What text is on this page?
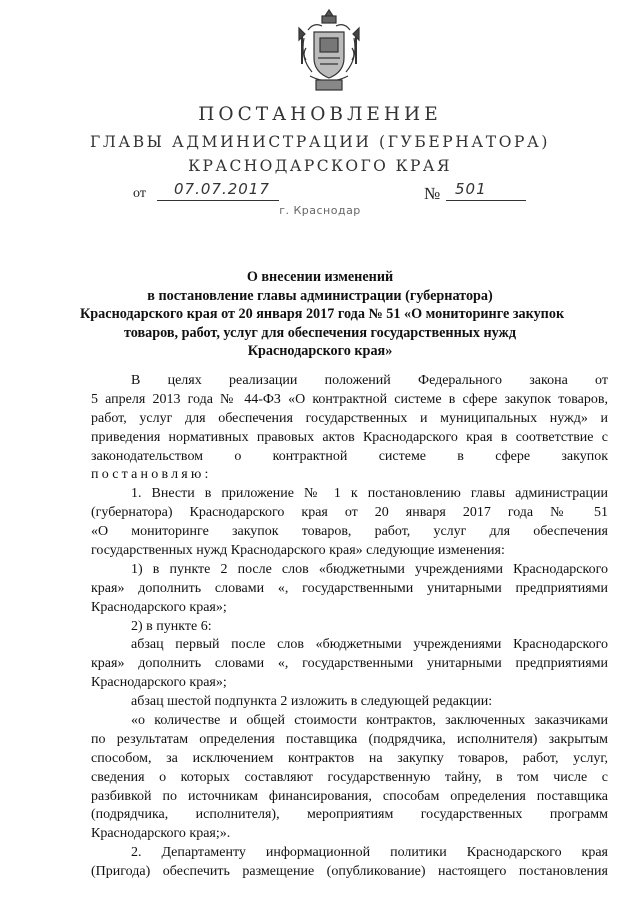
ПОСТАНОВЛЕНИЕ
ГЛАВЫ АДМИНИСТРАЦИИ (ГУБЕРНАТОРА)
КРАСНОДАРСКОГО КРАЯ
от 07.07.2017	№ 501
г. Краснодар
О внесении изменений
в постановление главы администрации (губернатора)
Краснодарского края от 20 января 2017 года № 51 «О мониторинге закупок
товаров, работ, услуг для обеспечения государственных нужд
Краснодарского края»
В целях реализации положений Федерального закона от
5 апреля 2013 года № 44-ФЗ «О контрактной системе в сфере закупок товаров,
работ, услуг для обеспечения государственных и муниципальных нужд» и
приведения нормативных правовых актов Краснодарского края в соответствие с
законодательством о контрактной системе в сфере закупок
постановляю:
1. Внести в приложение № 1 к постановлению главы администрации
(губернатора) Краснодарского края от 20 января 2017 года № 51
«О мониторинге закупок товаров, работ, услуг для обеспечения
государственных нужд Краснодарского края» следующие изменения:
1) в пункте 2 после слов «бюджетными учреждениями Краснодарского
края» дополнить словами «, государственными унитарными предприятиями
Краснодарского края»;
2) в пункте 6:
абзац первый после слов «бюджетными учреждениями Краснодарского
края» дополнить словами «, государственными унитарными предприятиями
Краснодарского края»;
абзац шестой подпункта 2 изложить в следующей редакции:
«о количестве и общей стоимости контрактов, заключенных заказчиками
по результатам определения поставщика (подрядчика, исполнителя) закрытым
способом, за исключением контрактов на закупку товаров, работ, услуг,
сведения о которых составляют государственную тайну, в том числе с
разбивкой по источникам финансирования, способам определения поставщика
(подрядчика, исполнителя), мероприятиям государственных программ
Краснодарского края;».
2. Департаменту информационной политики Краснодарского края
(Пригода) обеспечить размещение (опубликование) настоящего постановления
